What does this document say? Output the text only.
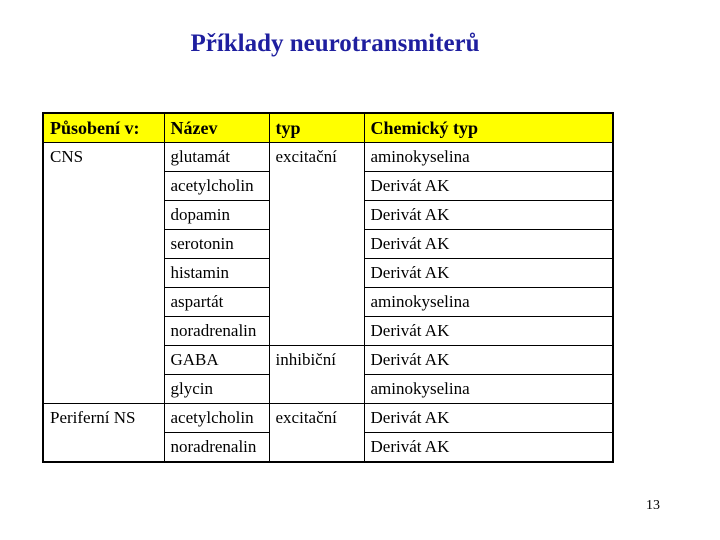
Příklady neurotransmiterů
Působení v:	Název	typ	Chemický typ
CNS	glutamát	excitační	aminokyselina
	acetylcholin		Derivát AK
	dopamin		Derivát AK
	serotonin		Derivát AK
	histamin		Derivát AK
	aspartát		aminokyselina
	noradrenalin		Derivát AK
	GABA	inhibiční	Derivát AK
	glycin		aminokyselina
Periferní NS	acetylcholin	excitační	Derivát AK
	noradrenalin		Derivát AK
13
